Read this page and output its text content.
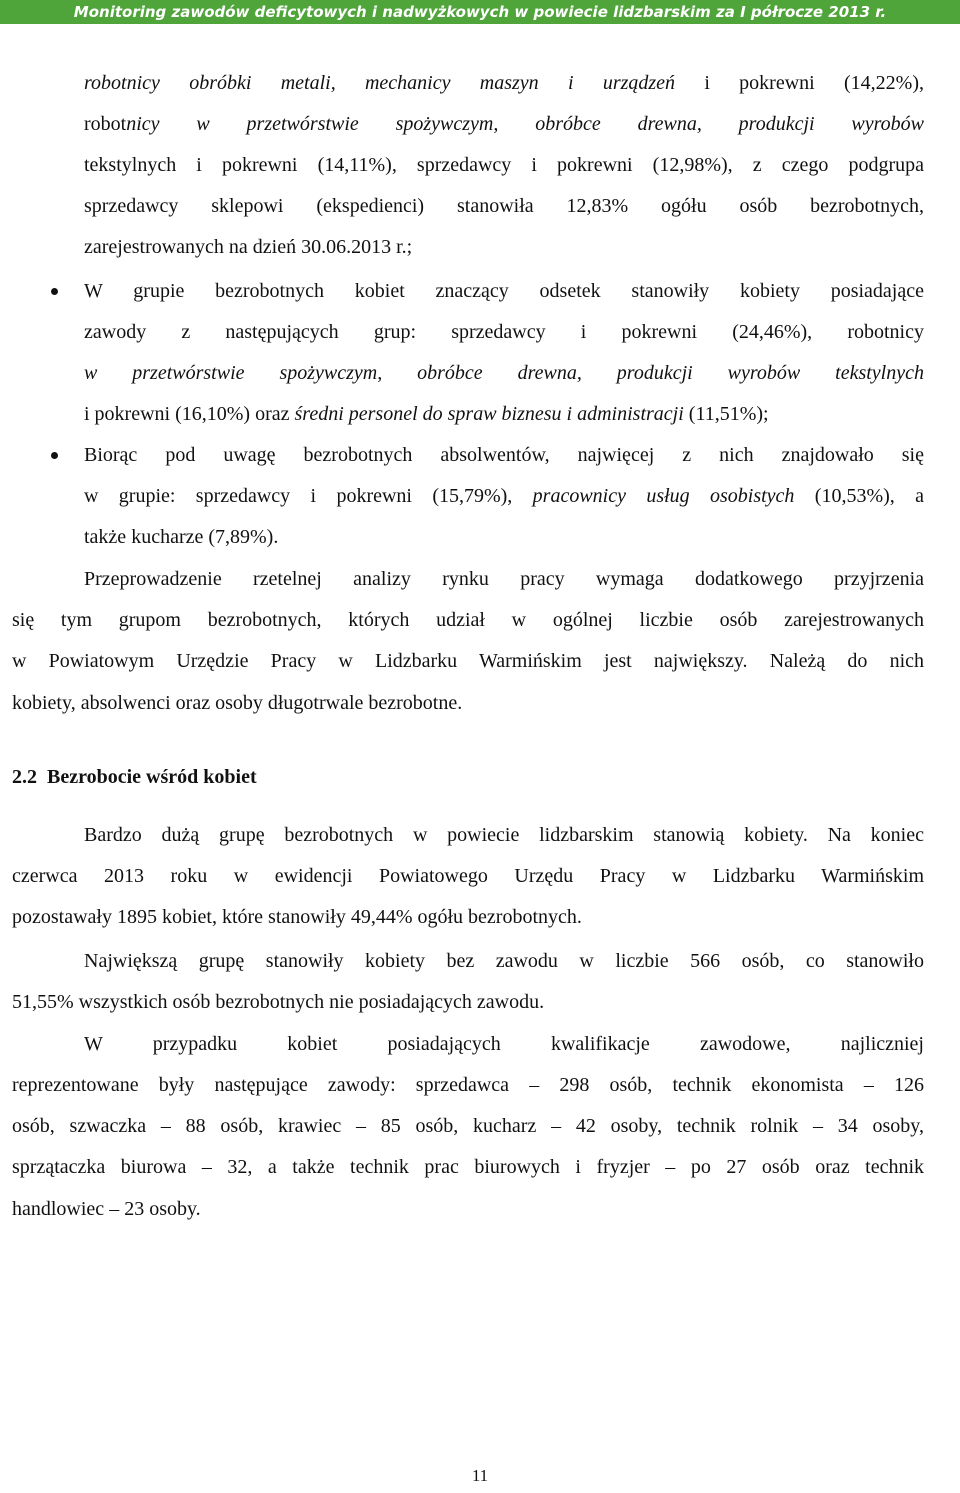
Monitoring zawodów deficytowych i nadwyżkowych w powiecie lidzbarskim za I półrocze 2013 r.
robotnicy obróbki metali, mechanicy maszyn i urządzeń i pokrewni (14,22%),
robotnicy w przetwórstwie spożywczym, obróbce drewna, produkcji wyrobów
tekstylnych i pokrewni (14,11%), sprzedawcy i pokrewni (12,98%), z czego podgrupa
sprzedawcy sklepowi (ekspedienci) stanowiła 12,83% ogółu osób bezrobotnych,
zarejestrowanych na dzień 30.06.2013 r.;
W grupie bezrobotnych kobiet znaczący odsetek stanowiły kobiety posiadające
zawody z następujących grup: sprzedawcy i pokrewni (24,46%), robotnicy
w przetwórstwie spożywczym, obróbce drewna, produkcji wyrobów tekstylnych
i pokrewni (16,10%) oraz średni personel do spraw biznesu i administracji (11,51%);
Biorąc pod uwagę bezrobotnych absolwentów, najwięcej z nich znajdowało się
w grupie: sprzedawcy i pokrewni (15,79%), pracownicy usług osobistych (10,53%), a
także kucharze (7,89%).
Przeprowadzenie rzetelnej analizy rynku pracy wymaga dodatkowego przyjrzenia
się tym grupom bezrobotnych, których udział w ogólnej liczbie osób zarejestrowanych
w Powiatowym Urzędzie Pracy w Lidzbarku Warmińskim jest największy. Należą do nich
kobiety, absolwenci oraz osoby długotrwale bezrobotne.
2.2 Bezrobocie wśród kobiet
Bardzo dużą grupę bezrobotnych w powiecie lidzbarskim stanowią kobiety. Na koniec
czerwca 2013 roku w ewidencji Powiatowego Urzędu Pracy w Lidzbarku Warmińskim
pozostawały 1895 kobiet, które stanowiły 49,44% ogółu bezrobotnych.
Największą grupę stanowiły kobiety bez zawodu w liczbie 566 osób, co stanowiło
51,55% wszystkich osób bezrobotnych nie posiadających zawodu.
W przypadku kobiet posiadających kwalifikacje zawodowe, najliczniej
reprezentowane były następujące zawody: sprzedawca – 298 osób, technik ekonomista – 126
osób, szwaczka – 88 osób, krawiec – 85 osób, kucharz – 42 osoby, technik rolnik – 34 osoby,
sprzątaczka biurowa – 32, a także technik prac biurowych i fryzjer – po 27 osób oraz technik
handlowiec – 23 osoby.
11
